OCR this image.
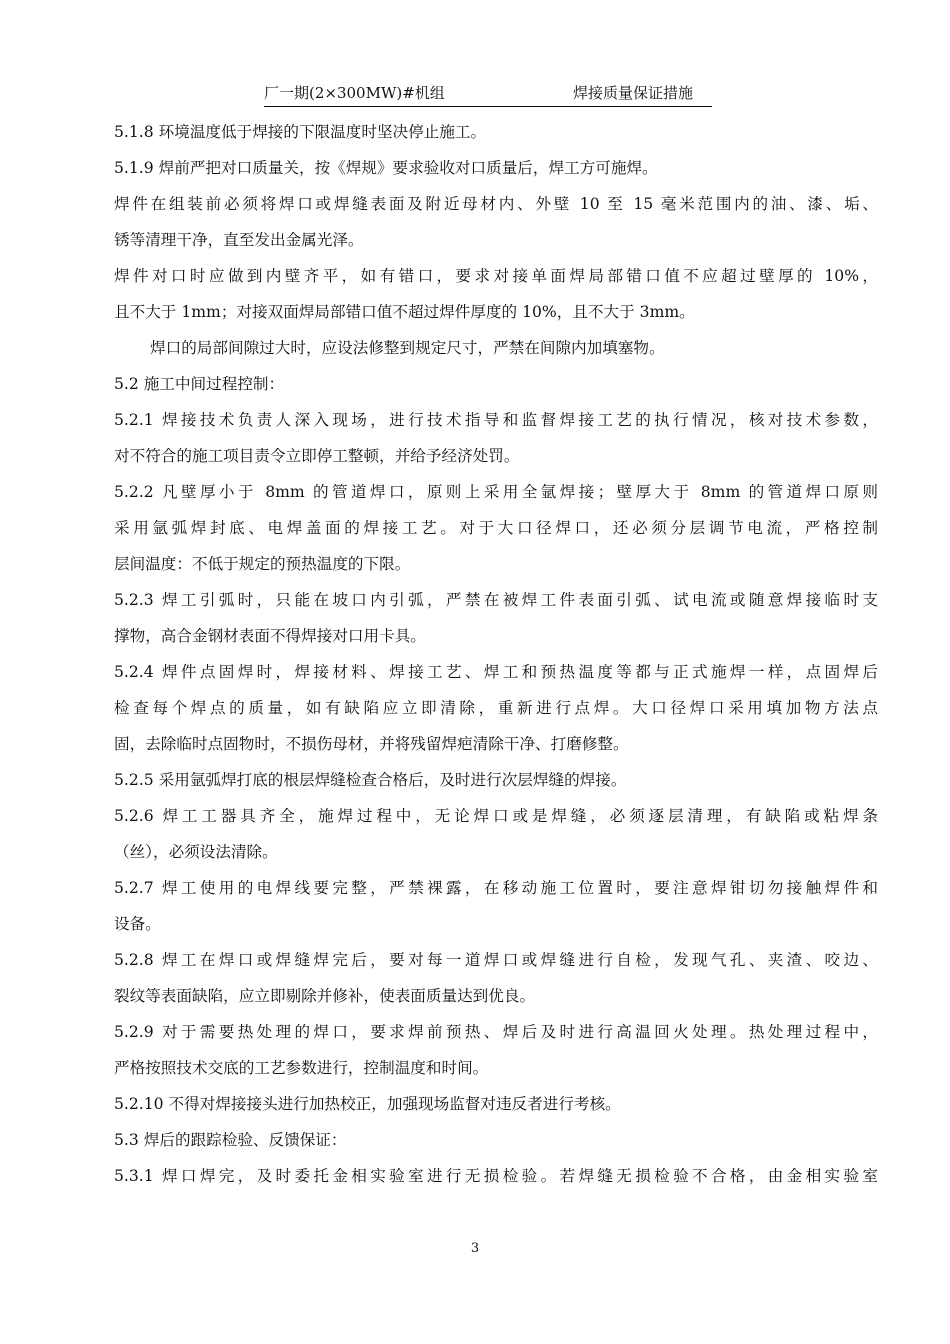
厂一期(2×300MW)#机组	焊接质量保证措施
5.1.8 环境温度低于焊接的下限温度时坚决停止施工。
5.1.9 焊前严把对口质量关，按《焊规》要求验收对口质量后，焊工方可施焊。
焊件在组装前必须将焊口或焊缝表面及附近母材内、外壁 10 至 15 毫米范围内的油、漆、垢、
锈等清理干净，直至发出金属光泽。
焊件对口时应做到内壁齐平，如有错口，要求对接单面焊局部错口值不应超过壁厚的 10%，
且不大于 1mm；对接双面焊局部错口值不超过焊件厚度的 10%，且不大于 3mm。
焊口的局部间隙过大时，应设法修整到规定尺寸，严禁在间隙内加填塞物。
5.2 施工中间过程控制：
5.2.1 焊接技术负责人深入现场，进行技术指导和监督焊接工艺的执行情况，核对技术参数，
对不符合的施工项目责令立即停工整顿，并给予经济处罚。
5.2.2 凡壁厚小于 8mm 的管道焊口，原则上采用全氩焊接；壁厚大于 8mm 的管道焊口原则
采用氩弧焊封底、电焊盖面的焊接工艺。对于大口径焊口，还必须分层调节电流，严格控制
层间温度：不低于规定的预热温度的下限。
5.2.3 焊工引弧时，只能在坡口内引弧，严禁在被焊工件表面引弧、试电流或随意焊接临时支
撑物，高合金钢材表面不得焊接对口用卡具。
5.2.4 焊件点固焊时，焊接材料、焊接工艺、焊工和预热温度等都与正式施焊一样，点固焊后
检查每个焊点的质量，如有缺陷应立即清除，重新进行点焊。大口径焊口采用填加物方法点
固，去除临时点固物时，不损伤母材，并将残留焊疤清除干净、打磨修整。
5.2.5 采用氩弧焊打底的根层焊缝检查合格后，及时进行次层焊缝的焊接。
5.2.6 焊工工器具齐全，施焊过程中，无论焊口或是焊缝，必须逐层清理，有缺陷或粘焊条
（丝），必须设法清除。
5.2.7 焊工使用的电焊线要完整，严禁裸露，在移动施工位置时，要注意焊钳切勿接触焊件和
设备。
5.2.8 焊工在焊口或焊缝焊完后，要对每一道焊口或焊缝进行自检，发现气孔、夹渣、咬边、
裂纹等表面缺陷，应立即剔除并修补，使表面质量达到优良。
5.2.9 对于需要热处理的焊口，要求焊前预热、焊后及时进行高温回火处理。热处理过程中，
严格按照技术交底的工艺参数进行，控制温度和时间。
5.2.10 不得对焊接接头进行加热校正，加强现场监督对违反者进行考核。
5.3 焊后的跟踪检验、反馈保证：
5.3.1 焊口焊完，及时委托金相实验室进行无损检验。若焊缝无损检验不合格，由金相实验室
3
